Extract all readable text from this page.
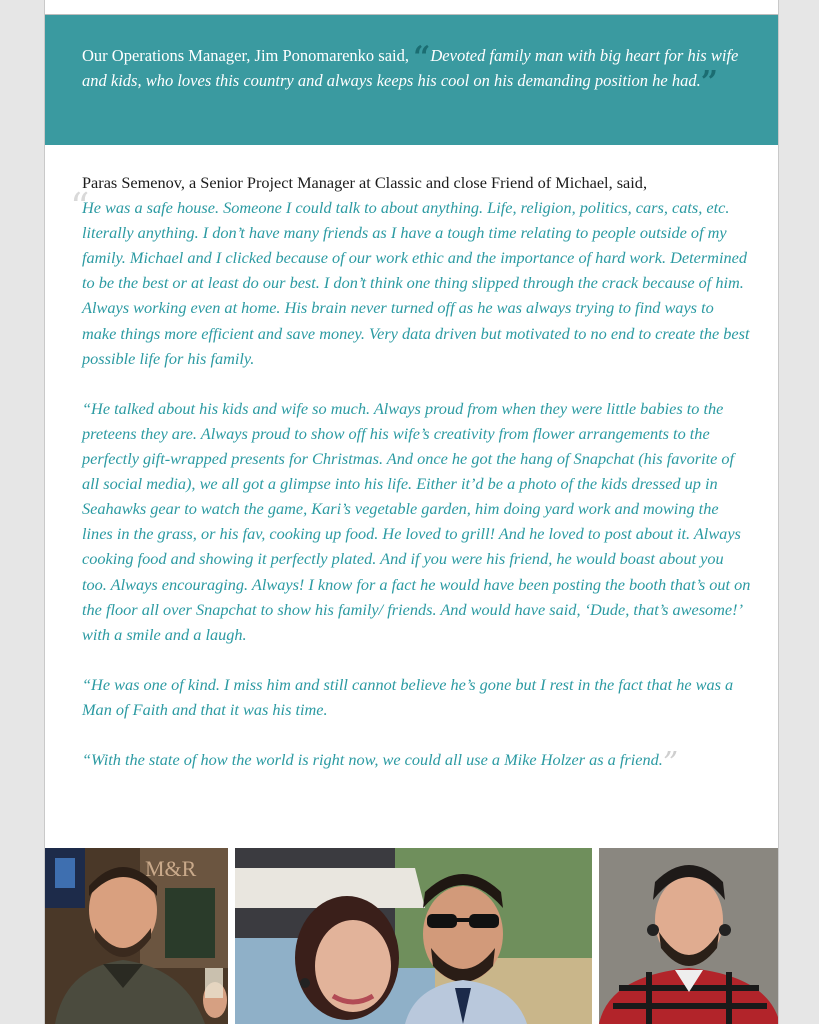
Our Operations Manager, Jim Ponomarenko said, “Devoted family man with big heart for his wife and kids, who loves this country and always keeps his cool on his demanding position he had.”
“
Paras Semenov, a Senior Project Manager at Classic and close Friend of Michael, said,

He was a safe house. Someone I could talk to about anything. Life, religion, politics, cars, cats, etc. literally anything. I don’t have many friends as I have a tough time relating to people outside of my family. Michael and I clicked because of our work ethic and the importance of hard work. Determined to be the best or at least do our best. I don’t think one thing slipped through the crack because of him. Always working even at home. His brain never turned off as he was always trying to find ways to make things more efficient and save money. Very data driven but motivated to no end to create the best possible life for his family.

“He talked about his kids and wife so much. Always proud from when they were little babies to the preteens they are. Always proud to show off his wife’s creativity from flower arrangements to the perfectly gift-wrapped presents for Christmas. And once he got the hang of Snapchat (his favorite of all social media), we all got a glimpse into his life. Either it’d be a photo of the kids dressed up in Seahawks gear to watch the game, Kari’s vegetable garden, him doing yard work and mowing the lines in the grass, or his fav, cooking up food. He loved to grill! And he loved to post about it. Always cooking food and showing it perfectly plated. And if you were his friend, he would boast about you too. Always encouraging. Always! I know for a fact he would have been posting the booth that’s out on the floor all over Snapchat to show his family/ friends. And would have said, ‘Dude, that’s awesome!’ with a smile and a laugh.

“He was one of kind. I miss him and still cannot believe he’s gone but I rest in the fact that he was a Man of Faith and that it was his time.

“With the state of how the world is right now, we could all use a Mike Holzer as a friend.”

M&R
